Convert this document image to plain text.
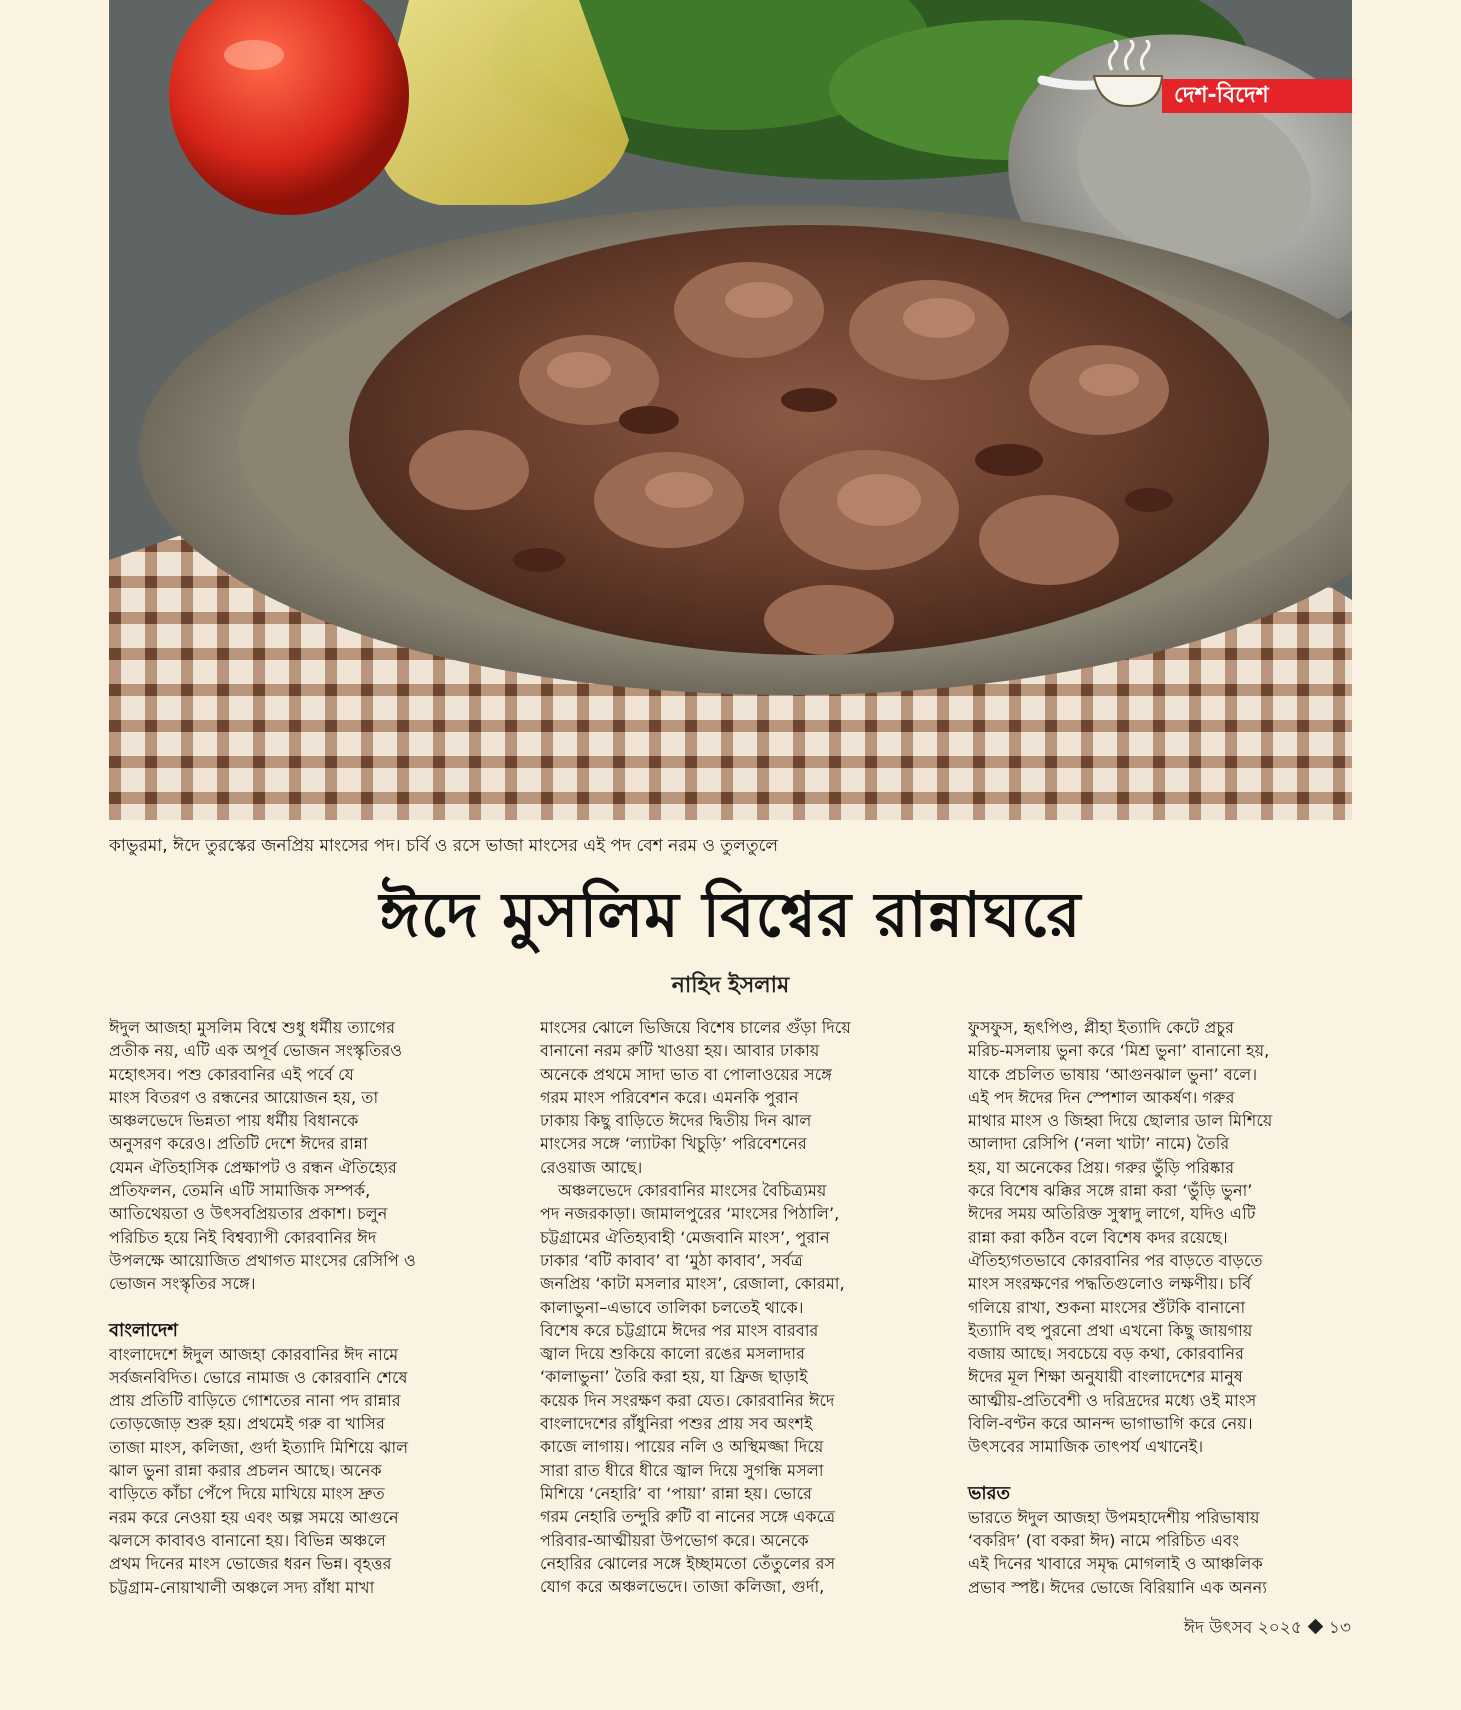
দেশ-বিদেশ
কাভুরমা, ঈদে তুরস্কের জনপ্রিয় মাংসের পদ। চর্বি ও রসে ভাজা মাংসের এই পদ বেশ নরম ও তুলতুলে
ঈদে মুসলিম বিশ্বের রান্নাঘরে
নাহিদ ইসলাম

ঈদুল আজহা মুসলিম বিশ্বে শুধু ধর্মীয় ত্যাগের

প্রতীক নয়, এটি এক অপূর্ব ভোজন সংস্কৃতিরও

মহোৎসব। পশু কোরবানির এই পর্বে যে

মাংস বিতরণ ও রন্ধনের আয়োজন হয়, তা

অঞ্চলভেদে ভিন্নতা পায় ধর্মীয় বিধানকে

অনুসরণ করেও। প্রতিটি দেশে ঈদের রান্না

যেমন ঐতিহাসিক প্রেক্ষাপট ও রন্ধন ঐতিহ্যের

প্রতিফলন, তেমনি এটি সামাজিক সম্পর্ক,

আতিথেয়তা ও উৎসবপ্রিয়তার প্রকাশ। চলুন

পরিচিত হয়ে নিই বিশ্বব্যাপী কোরবানির ঈদ

উপলক্ষে আয়োজিত প্রথাগত মাংসের রেসিপি ও

ভোজন সংস্কৃতির সঙ্গে।

বাংলাদেশ

বাংলাদেশে ঈদুল আজহা কোরবানির ঈদ নামে

সর্বজনবিদিত। ভোরে নামাজ ও কোরবানি শেষে

প্রায় প্রতিটি বাড়িতে গোশতের নানা পদ রান্নার

তোড়জোড় শুরু হয়। প্রথমেই গরু বা খাসির

তাজা মাংস, কলিজা, গুর্দা ইত্যাদি মিশিয়ে ঝাল

ঝাল ভুনা রান্না করার প্রচলন আছে। অনেক

বাড়িতে কাঁচা পেঁপে দিয়ে মাখিয়ে মাংস দ্রুত

নরম করে নেওয়া হয় এবং অল্প সময়ে আগুনে

ঝলসে কাবাবও বানানো হয়। বিভিন্ন অঞ্চলে

প্রথম দিনের মাংস ভোজের ধরন ভিন্ন। বৃহত্তর

চট্টগ্রাম-নোয়াখালী অঞ্চলে সদ্য রাঁধা মাখা

মাংসের ঝোলে ভিজিয়ে বিশেষ চালের গুঁড়া দিয়ে

বানানো নরম রুটি খাওয়া হয়। আবার ঢাকায়

অনেকে প্রথমে সাদা ভাত বা পোলাওয়ের সঙ্গে

গরম মাংস পরিবেশন করে। এমনকি পুরান

ঢাকায় কিছু বাড়িতে ঈদের দ্বিতীয় দিন ঝাল

মাংসের সঙ্গে ‘ল্যাটকা খিচুড়ি’ পরিবেশনের

রেওয়াজ আছে।

অঞ্চলভেদে কোরবানির মাংসের বৈচিত্র্যময়

পদ নজরকাড়া। জামালপুরের ‘মাংসের পিঠালি’,

চট্টগ্রামের ঐতিহ্যবাহী ‘মেজবানি মাংস’, পুরান

ঢাকার ‘বটি কাবাব’ বা ‘মুঠা কাবাব’, সর্বত্র

জনপ্রিয় ‘কাটা মসলার মাংস’, রেজালা, কোরমা,

কালাভুনা–এভাবে তালিকা চলতেই থাকে।

বিশেষ করে চট্টগ্রামে ঈদের পর মাংস বারবার

জ্বাল দিয়ে শুকিয়ে কালো রঙের মসলাদার

‘কালাভুনা’ তৈরি করা হয়, যা ফ্রিজ ছাড়াই

কয়েক দিন সংরক্ষণ করা যেত। কোরবানির ঈদে

বাংলাদেশের রাঁধুনিরা পশুর প্রায় সব অংশই

কাজে লাগায়। পায়ের নলি ও অস্থিমজ্জা দিয়ে

সারা রাত ধীরে ধীরে জ্বাল দিয়ে সুগন্ধি মসলা

মিশিয়ে ‘নেহারি’ বা ‘পায়া’ রান্না হয়। ভোরে

গরম নেহারি তন্দুরি রুটি বা নানের সঙ্গে একত্রে

পরিবার-আত্মীয়রা উপভোগ করে। অনেকে

নেহারির ঝোলের সঙ্গে ইচ্ছামতো তেঁতুলের রস

যোগ করে অঞ্চলভেদে। তাজা কলিজা, গুর্দা,

ফুসফুস, হৃৎপিণ্ড, প্লীহা ইত্যাদি কেটে প্রচুর

মরিচ-মসলায় ভুনা করে ‘মিশ্র ভুনা’ বানানো হয়,

যাকে প্রচলিত ভাষায় ‘আগুনঝাল ভুনা’ বলে।

এই পদ ঈদের দিন স্পেশাল আকর্ষণ। গরুর

মাথার মাংস ও জিহ্বা দিয়ে ছোলার ডাল মিশিয়ে

আলাদা রেসিপি (‘নলা খাটা’ নামে) তৈরি

হয়, যা অনেকের প্রিয়। গরুর ভুঁড়ি পরিষ্কার

করে বিশেষ ঝক্কির সঙ্গে রান্না করা ‘ভুঁড়ি ভুনা’

ঈদের সময় অতিরিক্ত সুস্বাদু লাগে, যদিও এটি

রান্না করা কঠিন বলে বিশেষ কদর রয়েছে।

ঐতিহ্যগতভাবে কোরবানির পর বাড়তে বাড়তে

মাংস সংরক্ষণের পদ্ধতিগুলোও লক্ষণীয়। চর্বি

গলিয়ে রাখা, শুকনা মাংসের শুঁটকি বানানো

ইত্যাদি বহু পুরনো প্রথা এখনো কিছু জায়গায়

বজায় আছে। সবচেয়ে বড় কথা, কোরবানির

ঈদের মূল শিক্ষা অনুযায়ী বাংলাদেশের মানুষ

আত্মীয়-প্রতিবেশী ও দরিদ্রদের মধ্যে ওই মাংস

বিলি-বণ্টন করে আনন্দ ভাগাভাগি করে নেয়।

উৎসবের সামাজিক তাৎপর্য এখানেই।

ভারত

ভারতে ঈদুল আজহা উপমহাদেশীয় পরিভাষায়

‘বকরিদ’ (বা বকরা ঈদ) নামে পরিচিত এবং

এই দিনের খাবারে সমৃদ্ধ মোগলাই ও আঞ্চলিক

প্রভাব স্পষ্ট। ঈদের ভোজে বিরিয়ানি এক অনন্য

ঈদ উৎসব ২০২৫ ১৩
